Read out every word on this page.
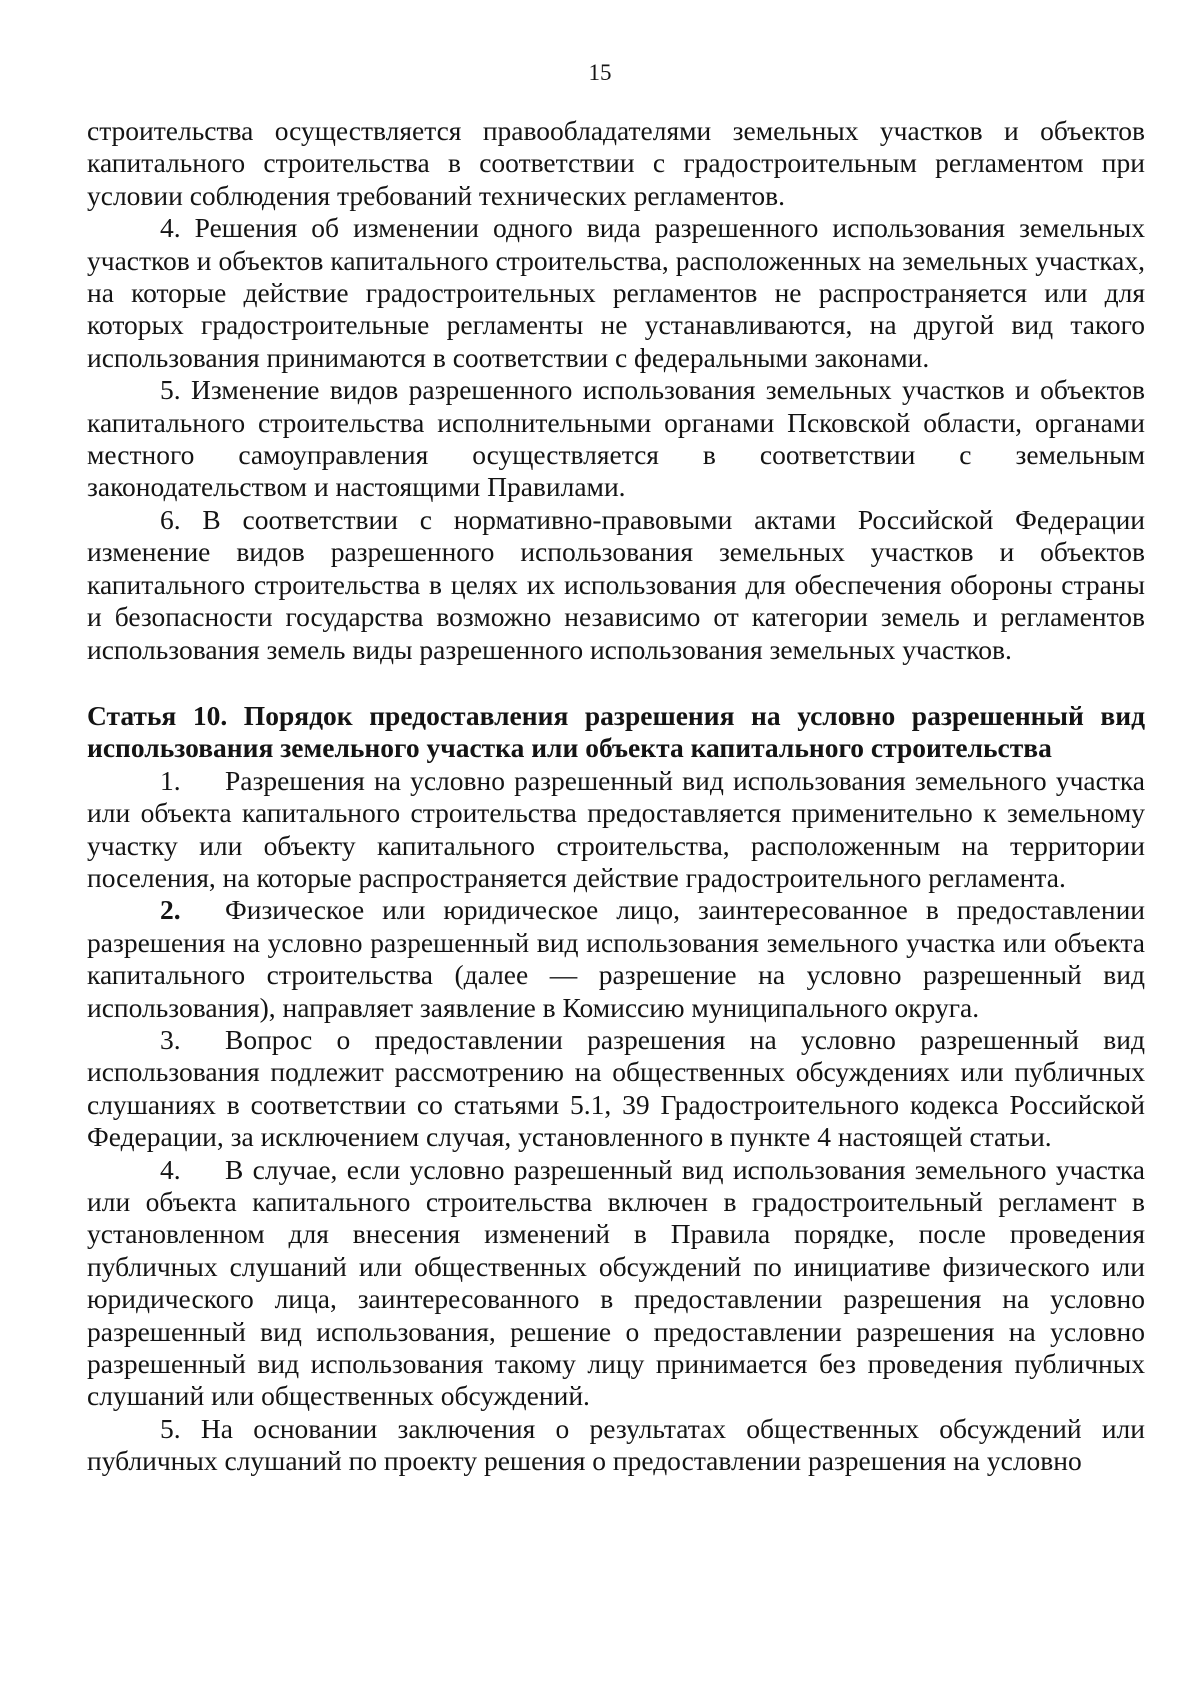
15

строительства осуществляется правообладателями земельных участков и объектов капитального строительства в соответствии с градостроительным регламентом при условии соблюдения требований технических регламентов.

4. Решения об изменении одного вида разрешенного использования земельных участков и объектов капитального строительства, расположенных на земельных участках, на которые действие градостроительных регламентов не распространяется или для которых градостроительные регламенты не устанавливаются, на другой вид такого использования принимаются в соответствии с федеральными законами.

5. Изменение видов разрешенного использования земельных участков и объектов капитального строительства исполнительными органами Псковской области, органами местного самоуправления осуществляется в соответствии с земельным законодательством и настоящими Правилами.

6. В соответствии с нормативно-правовыми актами Российской Федерации изменение видов разрешенного использования земельных участков и объектов капитального строительства в целях их использования для обеспечения обороны страны и безопасности государства возможно независимо от категории земель и регламентов использования земель виды разрешенного использования земельных участков.

Статья 10. Порядок предоставления разрешения на условно разрешенный вид использования земельного участка или объекта капитального строительства

1. Разрешения на условно разрешенный вид использования земельного участка или объекта капитального строительства предоставляется применительно к земельному участку или объекту капитального строительства, расположенным на территории поселения, на которые распространяется действие градостроительного регламента.

2. Физическое или юридическое лицо, заинтересованное в предоставлении разрешения на условно разрешенный вид использования земельного участка или объекта капитального строительства (далее — разрешение на условно разрешенный вид использования), направляет заявление в Комиссию муниципального округа.

3. Вопрос о предоставлении разрешения на условно разрешенный вид использования подлежит рассмотрению на общественных обсуждениях или публичных слушаниях в соответствии со статьями 5.1, 39 Градостроительного кодекса Российской Федерации, за исключением случая, установленного в пункте 4 настоящей статьи.

4. В случае, если условно разрешенный вид использования земельного участка или объекта капитального строительства включен в градостроительный регламент в установленном для внесения изменений в Правила порядке, после проведения публичных слушаний или общественных обсуждений по инициативе физического или юридического лица, заинтересованного в предоставлении разрешения на условно разрешенный вид использования, решение о предоставлении разрешения на условно разрешенный вид использования такому лицу принимается без проведения публичных слушаний или общественных обсуждений.

5. На основании заключения о результатах общественных обсуждений или публичных слушаний по проекту решения о предоставлении разрешения на условно
